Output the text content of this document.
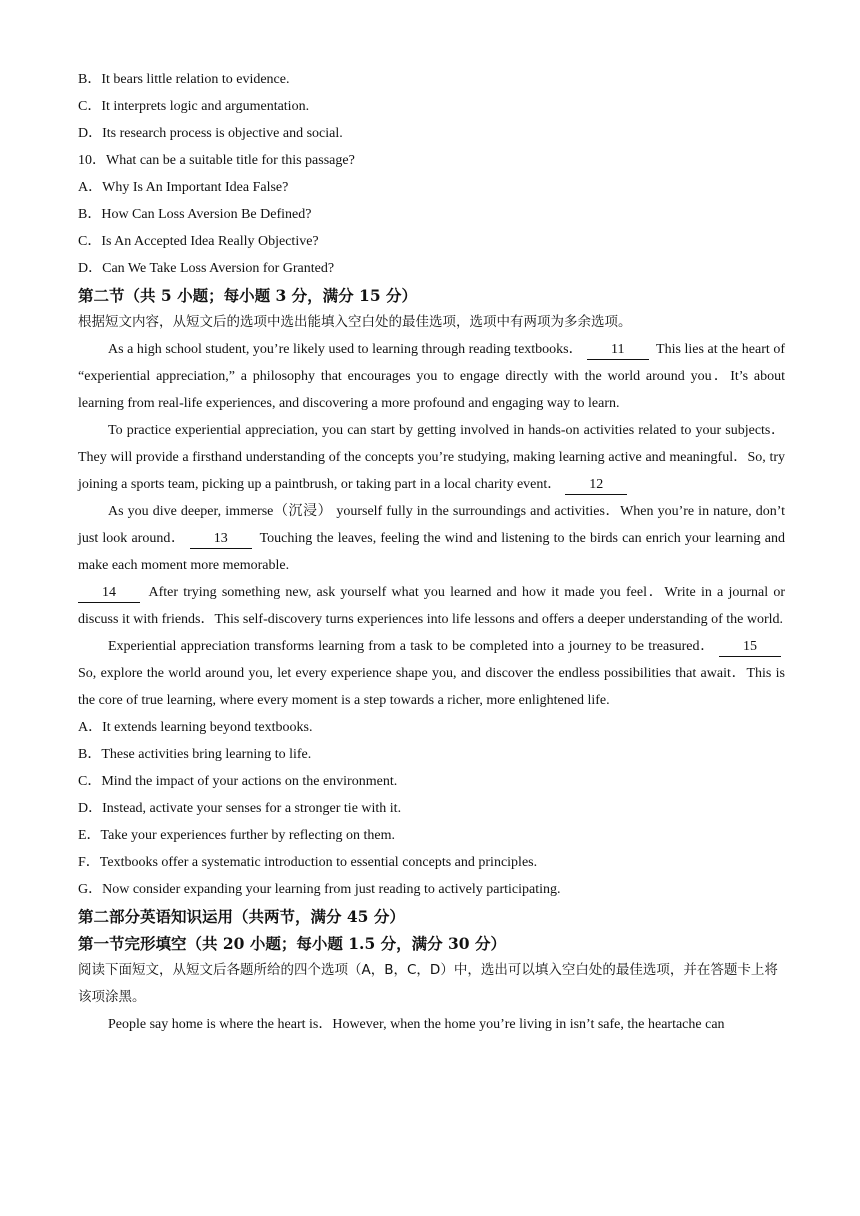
B．It bears little relation to evidence.
C．It interprets logic and argumentation.
D．Its research process is objective and social.
10．What can be a suitable title for this passage?
A．Why Is An Important Idea False?
B．How Can Loss Aversion Be Defined?
C．Is An Accepted Idea Really Objective?
D．Can We Take Loss Aversion for Granted?
第二节（共 5 小题；每小题 3 分，满分 15 分）
根据短文内容，从短文后的选项中选出能填入空白处的最佳选项，选项中有两项为多余选项。
As a high school student, you’re likely used to learning through reading textbooks． 11 This lies at the heart of “experiential appreciation,” a philosophy that encourages you to engage directly with the world around you．It’s about learning from real-life experiences, and discovering a more profound and engaging way to learn.
To practice experiential appreciation, you can start by getting involved in hands-on activities related to your subjects．They will provide a firsthand understanding of the concepts you’re studying, making learning active and meaningful．So, try joining a sports team, picking up a paintbrush, or taking part in a local charity event． 12
As you dive deeper, immerse（沉浸） yourself fully in the surroundings and activities．When you’re in nature, don’t just look around． 13 Touching the leaves, feeling the wind and listening to the birds can enrich your learning and make each moment more memorable.
14 After trying something new, ask yourself what you learned and how it made you feel．Write in a journal or discuss it with friends．This self-discovery turns experiences into life lessons and offers a deeper understanding of the world.
Experiential appreciation transforms learning from a task to be completed into a journey to be treasured． 15 So, explore the world around you, let every experience shape you, and discover the endless possibilities that await．This is the core of true learning, where every moment is a step towards a richer, more enlightened life.
A．It extends learning beyond textbooks.
B．These activities bring learning to life.
C．Mind the impact of your actions on the environment.
D．Instead, activate your senses for a stronger tie with it.
E．Take your experiences further by reflecting on them.
F．Textbooks offer a systematic introduction to essential concepts and principles.
G．Now consider expanding your learning from just reading to actively participating.
第二部分英语知识运用（共两节，满分 45 分）
第一节完形填空（共 20 小题；每小题 1.5 分，满分 30 分）
阅读下面短文，从短文后各题所给的四个选项（A，B，C，D）中，选出可以填入空白处的最佳选项，并在答题卡上将该项涂黑。
People say home is where the heart is．However, when the home you’re living in isn’t safe, the heartache can
